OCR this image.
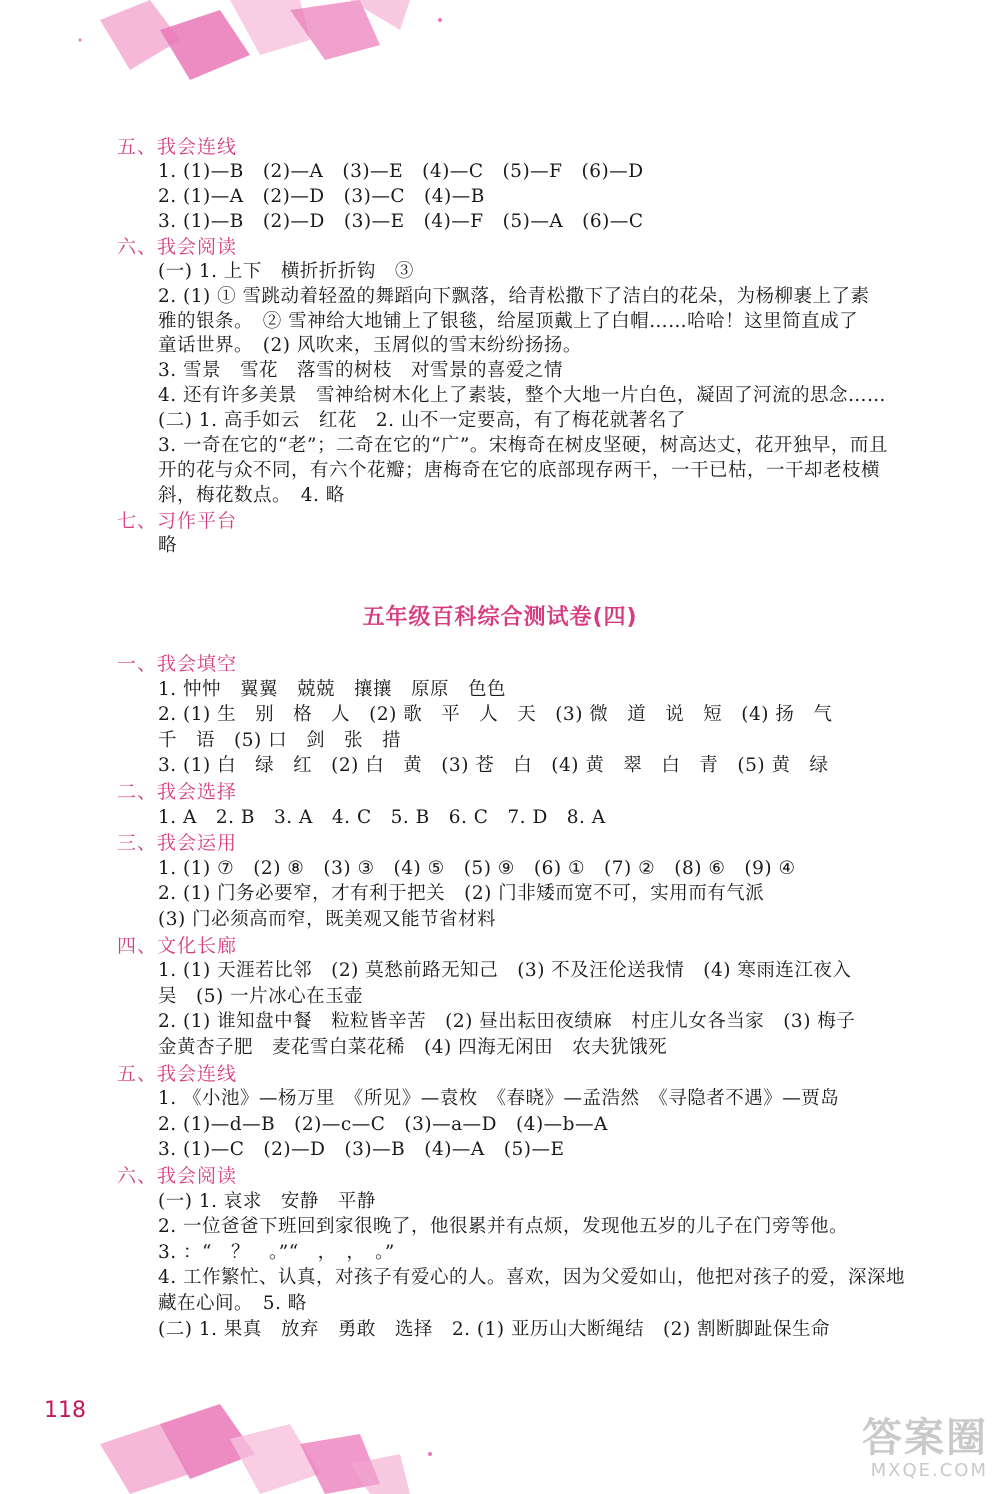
五、我会连线
1. (1)—B　(2)—A　(3)—E　(4)—C　(5)—F　(6)—D
2. (1)—A　(2)—D　(3)—C　(4)—B
3. (1)—B　(2)—D　(3)—E　(4)—F　(5)—A　(6)—C
六、我会阅读
(一) 1. 上下　横折折折钩　③
2. (1) ① 雪跳动着轻盈的舞蹈向下飘落，给青松撒下了洁白的花朵，为杨柳裹上了素
雅的银条。　② 雪神给大地铺上了银毯，给屋顶戴上了白帽……哈哈！这里简直成了
童话世界。　(2) 风吹来，玉屑似的雪末纷纷扬扬。
3. 雪景　雪花　落雪的树枝　对雪景的喜爱之情
4. 还有许多美景　雪神给树木化上了素装，整个大地一片白色，凝固了河流的思念……
(二) 1. 高手如云　红花　2. 山不一定要高，有了梅花就著名了
3. 一奇在它的“老”；二奇在它的“广”。宋梅奇在树皮坚硬，树高达丈，花开独早，而且
开的花与众不同，有六个花瓣；唐梅奇在它的底部现存两干，一干已枯，一干却老枝横
斜，梅花数点。　4. 略
七、习作平台
略
五年级百科综合测试卷(四)
一、我会填空
1. 忡忡　翼翼　兢兢　攘攘　原原　色色
2. (1) 生　别　格　人　(2) 歌　平　人　天　(3) 微　道　说　短　(4) 扬　气
千　语　(5) 口　剑　张　措
3. (1) 白　绿　红　(2) 白　黄　(3) 苍　白　(4) 黄　翠　白　青　(5) 黄　绿
二、我会选择
1. A　2. B　3. A　4. C　5. B　6. C　7. D　8. A
三、我会运用
1. (1) ⑦　(2) ⑧　(3) ③　(4) ⑤　(5) ⑨　(6) ①　(7) ②　(8) ⑥　(9) ④
2. (1) 门务必要窄，才有利于把关　(2) 门非矮而宽不可，实用而有气派
(3) 门必须高而窄，既美观又能节省材料
四、文化长廊
1. (1) 天涯若比邻　(2) 莫愁前路无知己　(3) 不及汪伦送我情　(4) 寒雨连江夜入
吴　(5) 一片冰心在玉壶
2. (1) 谁知盘中餐　粒粒皆辛苦　(2) 昼出耘田夜绩麻　村庄儿女各当家　(3) 梅子
金黄杏子肥　麦花雪白菜花稀　(4) 四海无闲田　农夫犹饿死
五、我会连线
1. 《小池》—杨万里　《所见》—袁枚　《春晓》—孟浩然　《寻隐者不遇》—贾岛
2. (1)—d—B　(2)—c—C　(3)—a—D　(4)—b—A
3. (1)—C　(2)—D　(3)—B　(4)—A　(5)—E
六、我会阅读
(一) 1. 哀求　安静　平静
2. 一位爸爸下班回到家很晚了，他很累并有点烦，发现他五岁的儿子在门旁等他。
3. ：“　？　。”“　，　，　。”
4. 工作繁忙、认真，对孩子有爱心的人。喜欢，因为父爱如山，他把对孩子的爱，深深地
藏在心间。　5. 略
(二) 1. 果真　放弃　勇敢　选择　2. (1) 亚历山大断绳结　(2) 割断脚趾保生命
118
答案圈
MXQE.COM
